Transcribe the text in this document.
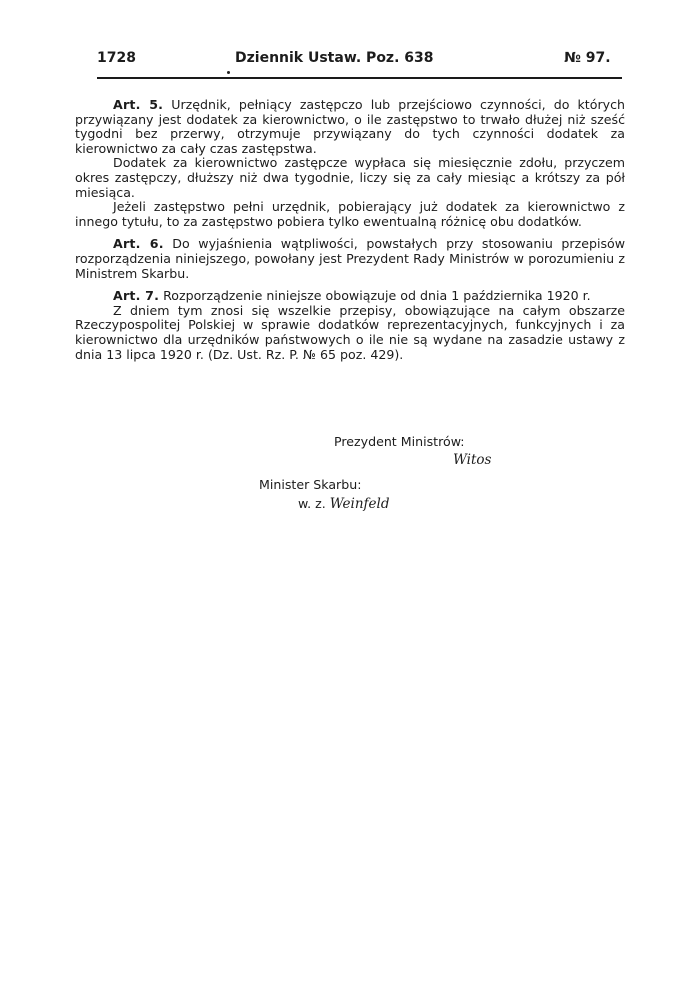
1728	Dziennik Ustaw. Poz. 638	№ 97.

Art. 5. Urzędnik, pełniący zastępczo lub przejściowo czynności, do których przywiązany jest dodatek za kierownictwo, o ile zastępstwo to trwało dłużej niż sześć tygodni bez przerwy, otrzymuje przywiązany do tych czynności dodatek za kierownictwo za cały czas zastępstwa.

Dodatek za kierownictwo zastępcze wypłaca się miesięcznie zdołu, przyczem okres zastępczy, dłuższy niż dwa tygodnie, liczy się za cały miesiąc a krótszy za pół miesiąca.

Jeżeli zastępstwo pełni urzędnik, pobierający już dodatek za kierownictwo z innego tytułu, to za zastępstwo pobiera tylko ewentualną różnicę obu dodatków.

Art. 6. Do wyjaśnienia wątpliwości, powstałych przy stosowaniu przepisów rozporządzenia niniejszego, powołany jest Prezydent Rady Ministrów w porozumieniu z Ministrem Skarbu.

Art. 7. Rozporządzenie niniejsze obowiązuje od dnia 1 października 1920 r.

Z dniem tym znosi się wszelkie przepisy, obowiązujące na całym obszarze Rzeczypospolitej Polskiej w sprawie dodatków reprezentacyjnych, funkcyjnych i za kierownictwo dla urzędników państwowych o ile nie są wydane na zasadzie ustawy z dnia 13 lipca 1920 r. (Dz. Ust. Rz. P. № 65 poz. 429).

Prezydent Ministrów:
Witos
Minister Skarbu:
w. z. Weinfeld
